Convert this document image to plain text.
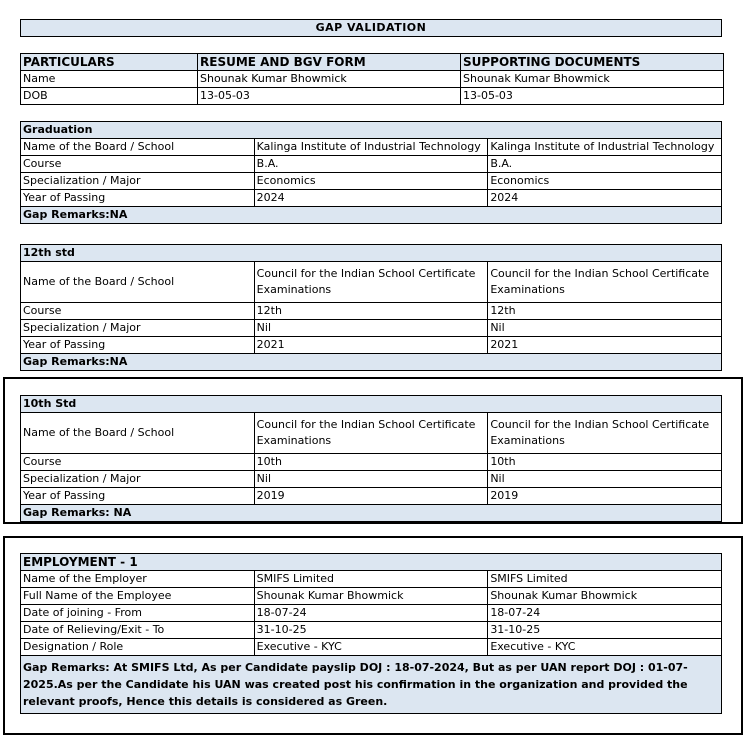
GAP VALIDATION
PARTICULARS	RESUME AND BGV FORM	SUPPORTING DOCUMENTS
Name	Shounak Kumar Bhowmick	Shounak Kumar Bhowmick
DOB	13-05-03	13-05-03
Graduation		
Name of the Board / School	Kalinga Institute of Industrial Technology	Kalinga Institute of Industrial Technology
Course	B.A.	B.A.
Specialization / Major	Economics	Economics
Year of Passing	2024	2024
Gap Remarks:NA		
12th std		
Name of the Board / School	Council for the Indian School Certificate Examinations	Council for the Indian School Certificate Examinations
Course	12th	12th
Specialization / Major	Nil	Nil
Year of Passing	2021	2021
Gap Remarks:NA		
10th Std		
Name of the Board / School	Council for the Indian School Certificate Examinations	Council for the Indian School Certificate Examinations
Course	10th	10th
Specialization / Major	Nil	Nil
Year of Passing	2019	2019
Gap Remarks: NA		
EMPLOYMENT - 1		
Name of the Employer	SMIFS Limited	SMIFS Limited
Full Name of the Employee	Shounak Kumar Bhowmick	Shounak Kumar Bhowmick
Date of joining - From	18-07-24	18-07-24
Date of Relieving/Exit - To	31-10-25	31-10-25
Designation / Role	Executive - KYC	Executive - KYC
Gap Remarks: At SMIFS Ltd, As per Candidate payslip DOJ : 18-07-2024, But as per UAN report DOJ : 01-07-2025.As per the Candidate his UAN was created post his confirmation in the organization and provided the relevant proofs, Hence this details is considered as Green.		
